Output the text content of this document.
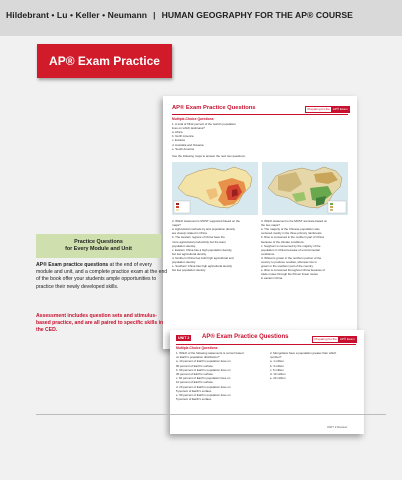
Hildebrant • Lu • Keller • Neumann | HUMAN GEOGRAPHY FOR THE AP® COURSE
AP® Exam Practice
AP® Exam Practice Questions	Preparing for the	AP® Exam
Multiple-Choice Questions
1. A total of 6612 percent of the world's population
lives on which landmass?
a. Africa
b. North America
c. Eurasia
d. Australia and Oceania
e. South America
Use the following maps to answer the next two questions.
2. Which statement is MOST supported based on the
maps?
a. Agricultural methods by and population density
are closely related in China.
b. The western regions of China have the
more agricultural productivity but the least
population density.
c. Eastern China has a high population density,
but low agricultural density.
d. Northern China has both high agricultural and
population density.
e. Southern China has high agricultural density
but low population density.
3. Which statement is the MOST accurate based on
the two maps?
a. The majority of the Chinese population was
centered mostly in the three primary rainforests.
b. Rice is consumed in the northern part of China
because of the climate conditions.
c. Sorghum is consumed by the majority of the
population in China because of environmental
conditions.
d. Wheat is grown in the northern portion of the
country to produce noodles, whereas rice is
grown in the southern part of the country.
e. Rice is consumed throughout China because of
trade routes through the Khmer linear routes
in eastern China.
UNIT 2	AP® Exam Practice Questions	Preparing for the	AP® Exam
Multiple-Choice Questions
1. Which of the following statements is correct based
on Earth's population distribution?
a. 10 percent of Earth's population lives on
90 percent of Earth's surface.
b. 90 percent of Earth's population lives on
30 percent of Earth's surface.
c. 60 percent of Earth's population lives on
10 percent of Earth's surface.
d. 20 percent of Earth's population lives on
5 percent of Earth's surface.
e. 90 percent of Earth's population lives on
5 percent of Earth's surface.
2. Mongolians have a population greater than which
number?
a. 1 million
b. 3 million
c. 5 million
d. 10 million
e. 20 million
UNIT 2 Review
Practice Questions
for Every Module and Unit

AP® Exam practice questions at the end of every module and unit, and a complete practice exam at the end of the book offer your students ample opportunities to practice their newly developed skills.

Assessment includes question sets and stimulus-based practice, and are all paired to specific skills in the CED.
